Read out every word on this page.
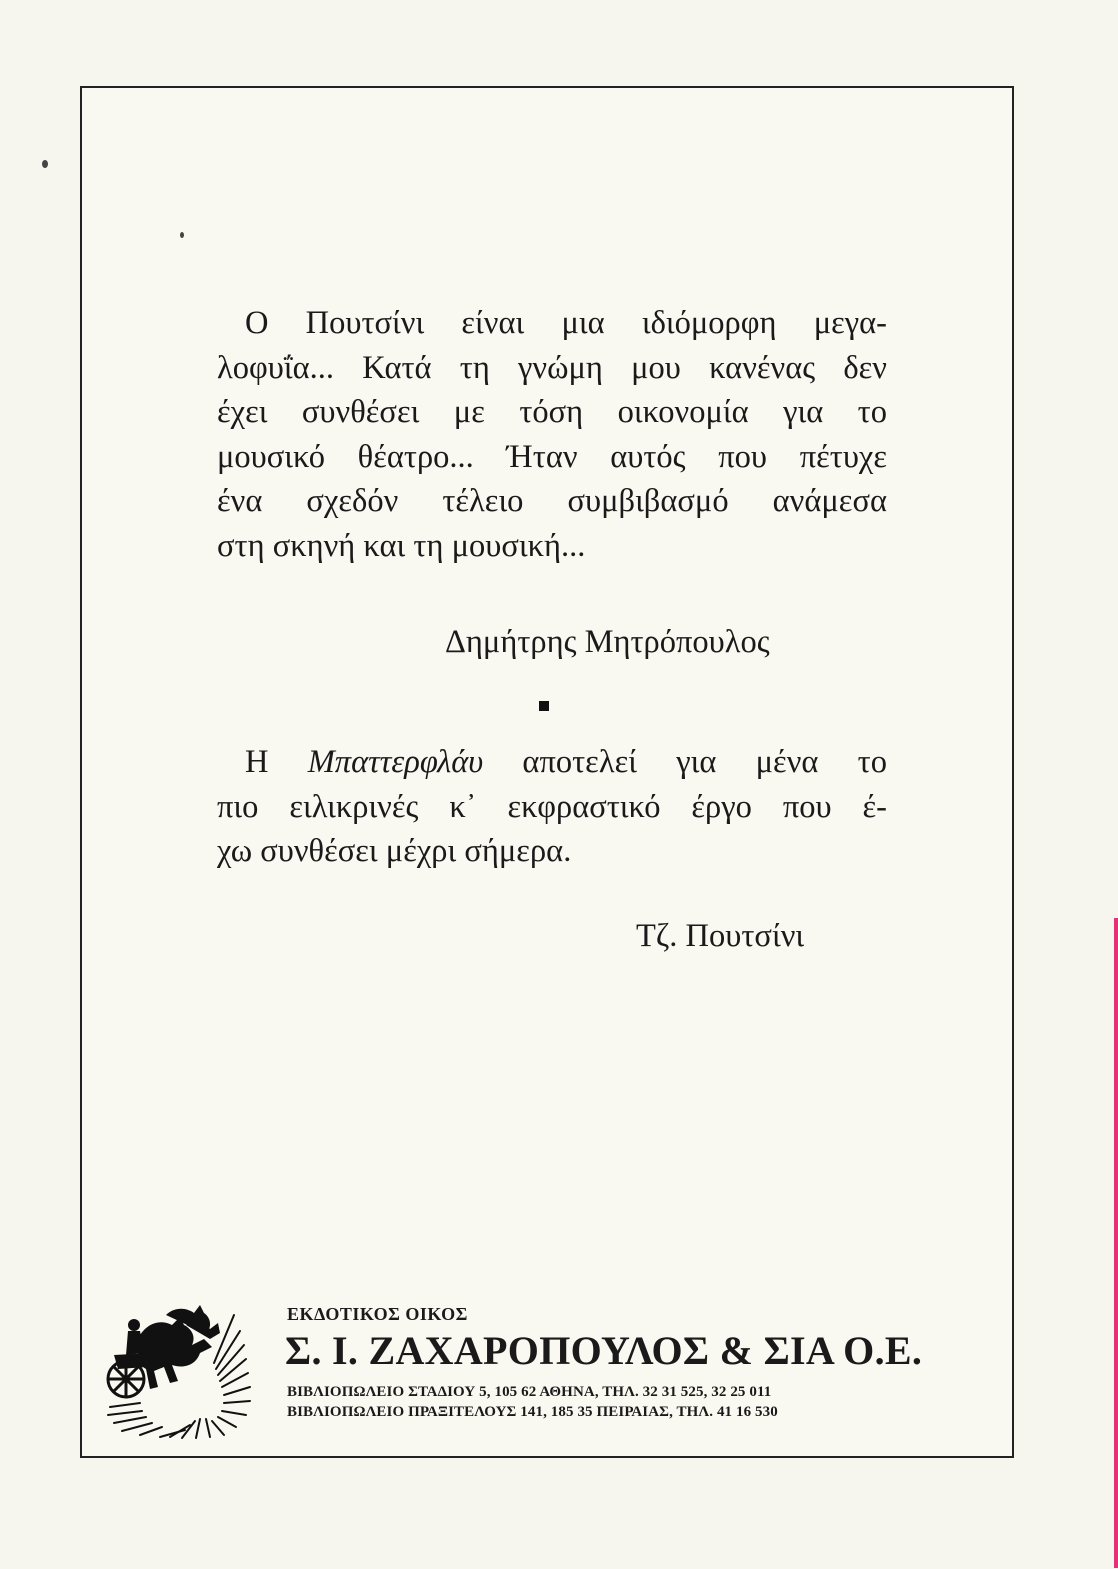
Ο Πουτσίνι είναι μια ιδιόμορφη μεγα-
λοφυΐα... Κατά τη γνώμη μου κανένας δεν
έχει συνθέσει με τόση οικονομία για το
μουσικό θέατρο... Ήταν αυτός που πέτυχε
ένα σχεδόν τέλειο συμβιβασμό ανάμεσα
στη σκηνή και τη μουσική...
Δημήτρης Μητρόπουλος
Η Μπαττερφλάυ αποτελεί για μένα το
πιο ειλικρινές κ᾽ εκφραστικό έργο που έ-
χω συνθέσει μέχρι σήμερα.
Τζ. Πουτσίνι
ΕΚΔΟΤΙΚΟΣ ΟΙΚΟΣ
Σ. Ι. ΖΑΧΑΡΟΠΟΥΛΟΣ & ΣΙΑ Ο.Ε.
ΒΙΒΛΙΟΠΩΛΕΙΟ ΣΤΑΔΙΟΥ 5, 105 62 ΑΘΗΝΑ, ΤΗΛ. 32 31 525, 32 25 011
ΒΙΒΛΙΟΠΩΛΕΙΟ ΠΡΑΞΙΤΕΛΟΥΣ 141, 185 35 ΠΕΙΡΑΙΑΣ, ΤΗΛ. 41 16 530
